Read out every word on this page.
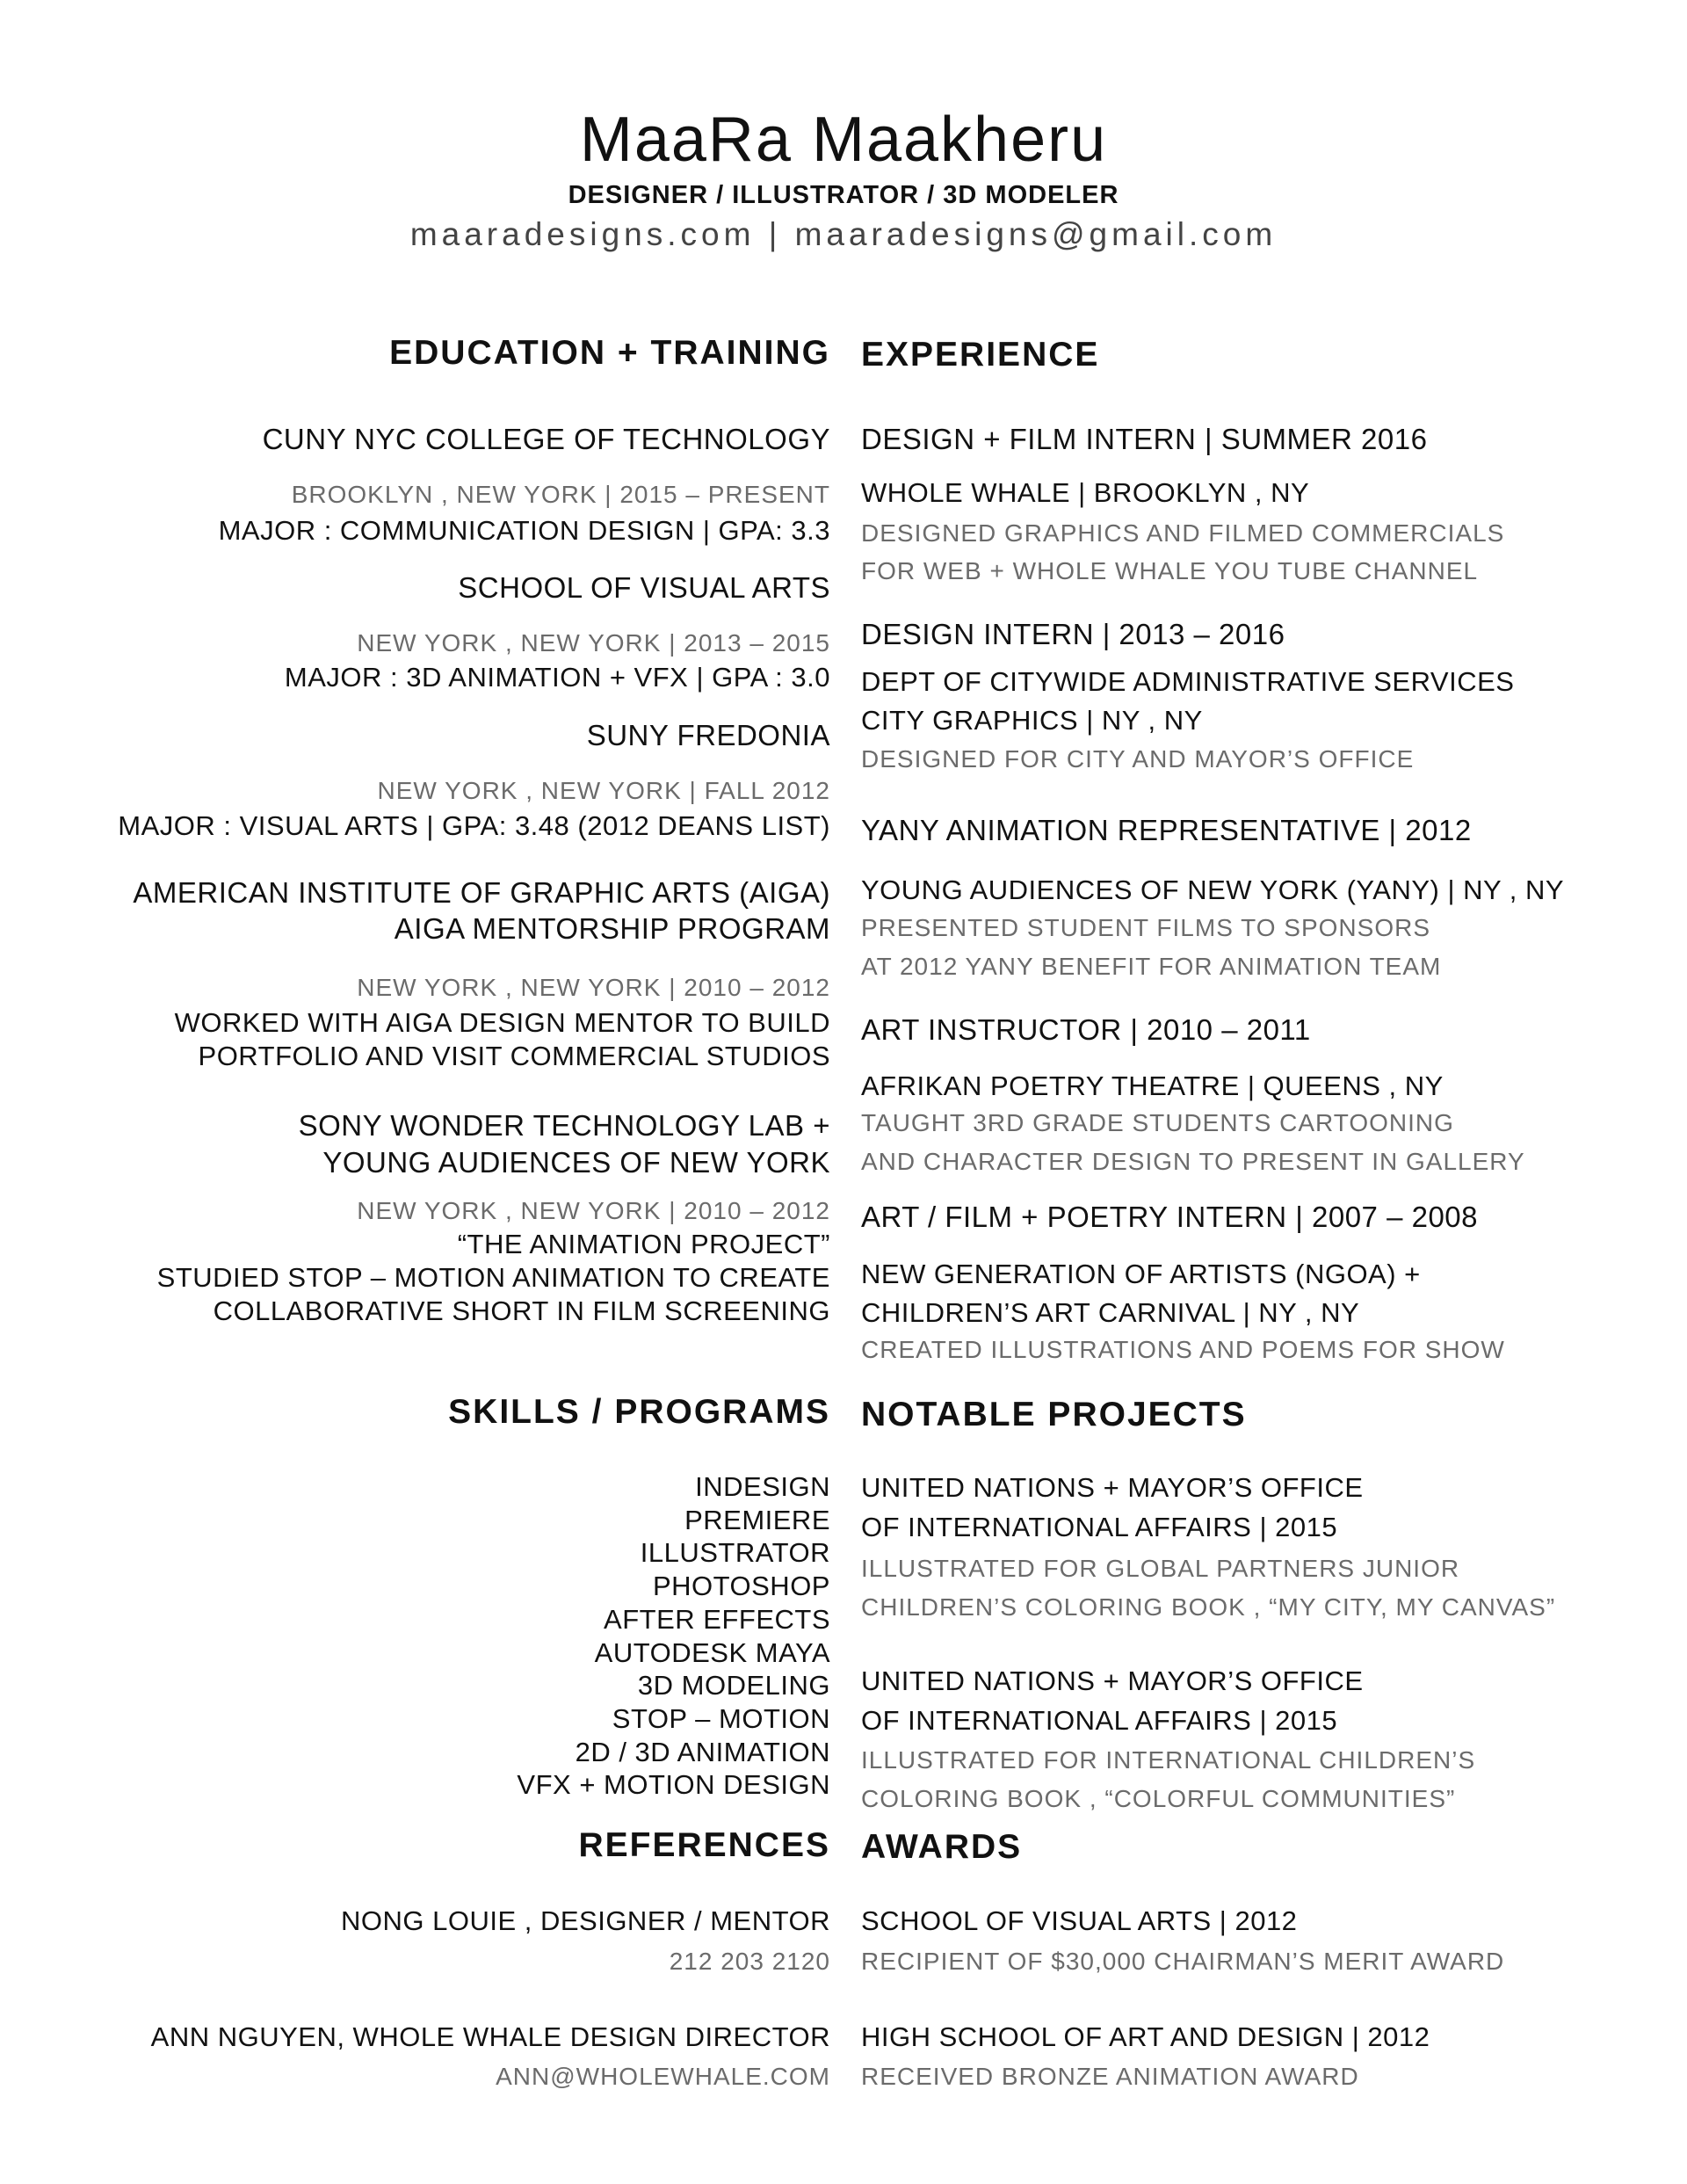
MaaRa Maakheru
DESIGNER / ILLUSTRATOR / 3D MODELER
maaradesigns.com | maaradesigns@gmail.com
EDUCATION + TRAINING
CUNY NYC COLLEGE OF TECHNOLOGY
BROOKLYN , NEW YORK | 2015 – PRESENT
MAJOR : COMMUNICATION DESIGN | GPA: 3.3
SCHOOL OF VISUAL ARTS
NEW YORK , NEW YORK | 2013 – 2015
MAJOR : 3D ANIMATION + VFX | GPA : 3.0
SUNY FREDONIA
NEW YORK , NEW YORK | FALL 2012
MAJOR : VISUAL ARTS | GPA: 3.48 (2012 DEANS LIST)
AMERICAN INSTITUTE OF GRAPHIC ARTS (AIGA)
AIGA MENTORSHIP PROGRAM
NEW YORK , NEW YORK | 2010 – 2012
WORKED WITH AIGA DESIGN MENTOR TO BUILD
PORTFOLIO AND VISIT COMMERCIAL STUDIOS
SONY WONDER TECHNOLOGY LAB +
YOUNG AUDIENCES OF NEW YORK
NEW YORK , NEW YORK | 2010 – 2012
“THE ANIMATION PROJECT”
STUDIED STOP – MOTION ANIMATION TO CREATE
COLLABORATIVE SHORT IN FILM SCREENING
EXPERIENCE
DESIGN + FILM INTERN | SUMMER 2016
WHOLE WHALE | BROOKLYN , NY
DESIGNED GRAPHICS AND FILMED COMMERCIALS
FOR WEB + WHOLE WHALE YOU TUBE CHANNEL
DESIGN INTERN | 2013 – 2016
DEPT OF CITYWIDE ADMINISTRATIVE SERVICES
CITY GRAPHICS | NY , NY
DESIGNED FOR CITY AND MAYOR’S OFFICE
YANY ANIMATION REPRESENTATIVE | 2012
YOUNG AUDIENCES OF NEW YORK (YANY) | NY , NY
PRESENTED STUDENT FILMS TO SPONSORS
AT 2012 YANY BENEFIT FOR ANIMATION TEAM
ART INSTRUCTOR | 2010 – 2011
AFRIKAN POETRY THEATRE | QUEENS , NY
TAUGHT 3RD GRADE STUDENTS CARTOONING
AND CHARACTER DESIGN TO PRESENT IN GALLERY
ART / FILM + POETRY INTERN | 2007 – 2008
NEW GENERATION OF ARTISTS (NGOA) +
CHILDREN’S ART CARNIVAL | NY , NY
CREATED ILLUSTRATIONS AND POEMS FOR SHOW
SKILLS / PROGRAMS
INDESIGN
PREMIERE
ILLUSTRATOR
PHOTOSHOP
AFTER EFFECTS
AUTODESK MAYA
3D MODELING
STOP – MOTION
2D / 3D ANIMATION
VFX + MOTION DESIGN
NOTABLE PROJECTS
UNITED NATIONS + MAYOR’S OFFICE
OF INTERNATIONAL AFFAIRS | 2015
ILLUSTRATED FOR GLOBAL PARTNERS JUNIOR
CHILDREN’S COLORING BOOK , “MY CITY, MY CANVAS”
UNITED NATIONS + MAYOR’S OFFICE
OF INTERNATIONAL AFFAIRS | 2015
ILLUSTRATED FOR INTERNATIONAL CHILDREN’S
COLORING BOOK , “COLORFUL COMMUNITIES”
REFERENCES
NONG LOUIE , DESIGNER / MENTOR
212 203 2120
ANN NGUYEN, WHOLE WHALE DESIGN DIRECTOR
ANN@WHOLEWHALE.COM
AWARDS
SCHOOL OF VISUAL ARTS | 2012
RECIPIENT OF $30,000 CHAIRMAN’S MERIT AWARD
HIGH SCHOOL OF ART AND DESIGN | 2012
RECEIVED BRONZE ANIMATION AWARD
